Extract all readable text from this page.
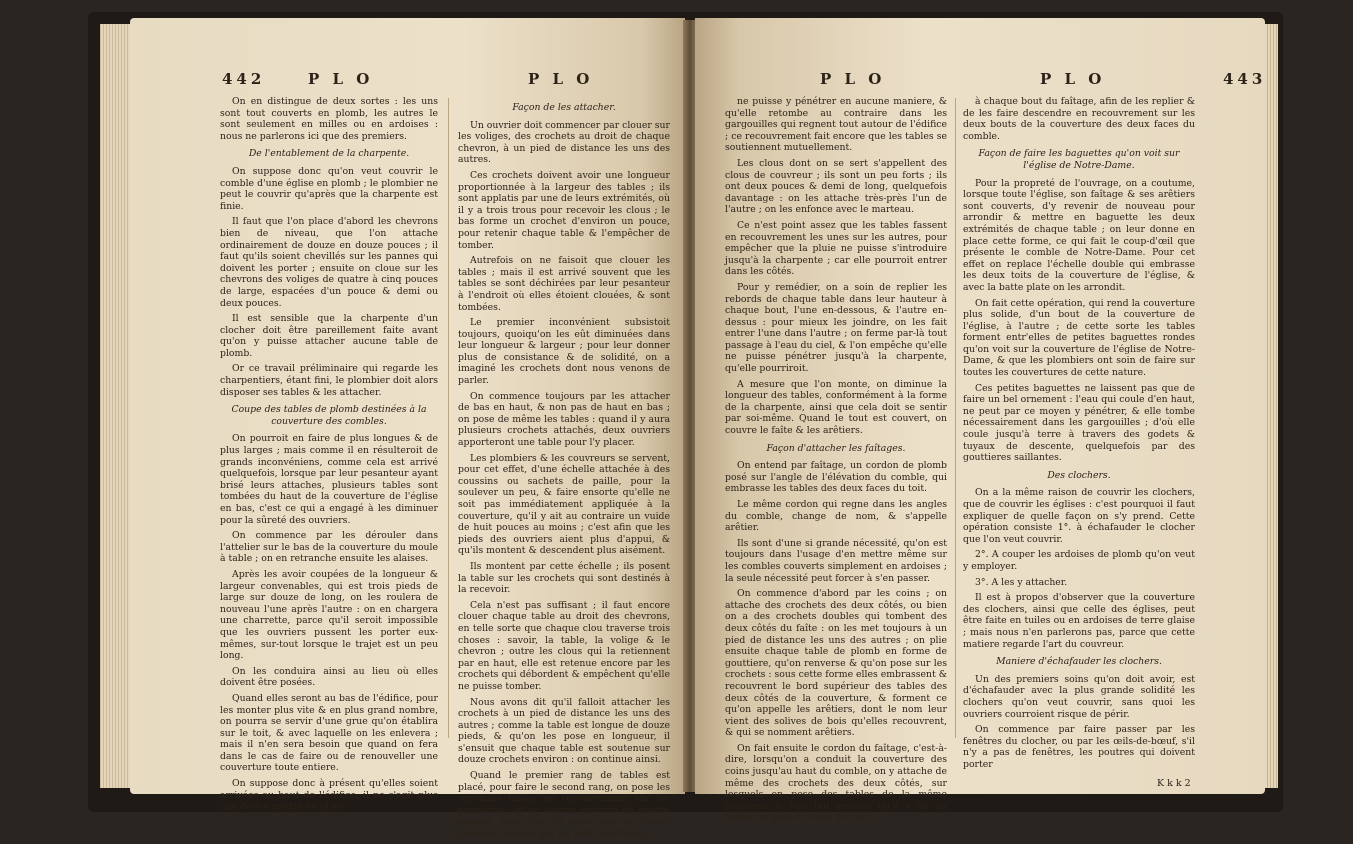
442	P L O	P L O

On en distingue de deux sortes : les uns sont tout couverts en plomb, les autres le sont seulement en milles ou en ardoises : nous ne parlerons ici que des premiers.

De l'entablement de la charpente.

On suppose donc qu'on veut couvrir le comble d'une église en plomb ; le plombier ne peut le couvrir qu'après que la charpente est finie.

Il faut que l'on place d'abord les chevrons bien de niveau, que l'on attache ordinairement de douze en douze pouces ; il faut qu'ils soient chevillés sur les pannes qui doivent les porter ; ensuite on cloue sur les chevrons des voliges de quatre à cinq pouces de large, espacées d'un pouce & demi ou deux pouces.

Il est sensible que la charpente d'un clocher doit être pareillement faite avant qu'on y puisse attacher aucune table de plomb.

Or ce travail préliminaire qui regarde les charpentiers, étant fini, le plombier doit alors disposer ses tables & les attacher.

Coupe des tables de plomb destinées à la couverture des combles.

On pourroit en faire de plus longues & de plus larges ; mais comme il en résulteroit de grands inconvéniens, comme cela est arrivé quelquefois, lorsque par leur pesanteur ayant brisé leurs attaches, plusieurs tables sont tombées du haut de la couverture de l'église en bas, c'est ce qui a engagé à les diminuer pour la sûreté des ouvriers.

On commence par les dérouler dans l'attelier sur le bas de la couverture du moule à table ; on en retranche ensuite les alaises.

Après les avoir coupées de la longueur & largeur convenables, qui est trois pieds de large sur douze de long, on les roulera de nouveau l'une après l'autre : on en chargera une charrette, parce qu'il seroit impossible que les ouvriers pussent les porter eux-mêmes, sur-tout lorsque le trajet est un peu long.

On les conduira ainsi au lieu où elles doivent être posées.

Quand elles seront au bas de l'édifice, pour les monter plus vite & en plus grand nombre, on pourra se servir d'une grue qu'on établira sur le toit, & avec laquelle on les enlevera ; mais il n'en sera besoin que quand on fera dans le cas de faire ou de renouveller une couverture toute entiere.

On suppose donc à présent qu'elles soient arrivées au haut de l'édifice, il ne s'agit plus que de les mettre en place.

Façon de les attacher.

Un ouvrier doit commencer par clouer sur les voliges, des crochets au droit de chaque chevron, à un pied de distance les uns des autres.

Ces crochets doivent avoir une longueur proportionnée à la largeur des tables ; ils sont applatis par une de leurs extrémités, où il y a trois trous pour recevoir les clous ; le bas forme un crochet d'environ un pouce, pour retenir chaque table & l'empêcher de tomber.

Autrefois on ne faisoit que clouer les tables ; mais il est arrivé souvent que les tables se sont déchirées par leur pesanteur à l'endroit où elles étoient clouées, & sont tombées.

Le premier inconvénient subsistoit toujours, quoiqu'on les eût diminuées dans leur longueur & largeur ; pour leur donner plus de consistance & de solidité, on a imaginé les crochets dont nous venons de parler.

On commence toujours par les attacher de bas en haut, & non pas de haut en bas ; on pose de même les tables : quand il y aura plusieurs crochets attachés, deux ouvriers apporteront une table pour l'y placer.

Les plombiers & les couvreurs se servent, pour cet effet, d'une échelle attachée à des coussins ou sachets de paille, pour la soulever un peu, & faire ensorte qu'elle ne soit pas immédiatement appliquée à la couverture, qu'il y ait au contraire un vuide de huit pouces au moins ; c'est afin que les pieds des ouvriers aient plus d'appui, & qu'ils montent & descendent plus aisément.

Ils montent par cette échelle ; ils posent la table sur les crochets qui sont destinés à la recevoir.

Cela n'est pas suffisant ; il faut encore clouer chaque table au droit des chevrons, en telle sorte que chaque clou traverse trois choses : savoir, la table, la volige & le chevron ; outre les clous qui la retiennent par en haut, elle est retenue encore par les crochets qui débordent & empêchent qu'elle ne puisse tomber.

Nous avons dit qu'il falloit attacher les crochets à un pied de distance les uns des autres ; comme la table est longue de douze pieds, & qu'on les pose en longueur, il s'ensuit que chaque table est soutenue sur douze crochets environ : on continue ainsi.

Quand le premier rang de tables est placé, pour faire le second rang, on pose les secondes tables en recouvrement sur les premieres, qu'on couvre environ de quatre pouces, pour que la pluie qui se trouve poussée souvent par un vent impétueux,

P L O	P L O	443

ne puisse y pénétrer en aucune maniere, & qu'elle retombe au contraire dans les gargouilles qui regnent tout autour de l'édifice ; ce recouvrement fait encore que les tables se soutiennent mutuellement.

Les clous dont on se sert s'appellent des clous de couvreur ; ils sont un peu forts ; ils ont deux pouces & demi de long, quelquefois davantage : on les attache très-près l'un de l'autre ; on les enfonce avec le marteau.

Ce n'est point assez que les tables fassent en recouvrement les unes sur les autres, pour empêcher que la pluie ne puisse s'introduire jusqu'à la charpente ; car elle pourroit entrer dans les côtés.

Pour y remédier, on a soin de replier les rebords de chaque table dans leur hauteur à chaque bout, l'une en-dessous, & l'autre en-dessus : pour mieux les joindre, on les fait entrer l'une dans l'autre ; on ferme par-là tout passage à l'eau du ciel, & l'on empêche qu'elle ne puisse pénétrer jusqu'à la charpente, qu'elle pourriroit.

A mesure que l'on monte, on diminue la longueur des tables, conformément à la forme de la charpente, ainsi que cela doit se sentir par soi-même. Quand le tout est couvert, on couvre le faîte & les arêtiers.

Façon d'attacher les faîtages.

On entend par faîtage, un cordon de plomb posé sur l'angle de l'élévation du comble, qui embrasse les tables des deux faces du toit.

Le même cordon qui regne dans les angles du comble, change de nom, & s'appelle arêtier.

Ils sont d'une si grande nécessité, qu'on est toujours dans l'usage d'en mettre même sur les combles couverts simplement en ardoises ; la seule nécessité peut forcer à s'en passer.

On commence d'abord par les coins ; on attache des crochets des deux côtés, ou bien on a des crochets doubles qui tombent des deux côtés du faîte : on les met toujours à un pied de distance les uns des autres ; on plie ensuite chaque table de plomb en forme de gouttiere, qu'on renverse & qu'on pose sur les crochets : sous cette forme elles embrassent & recouvrent le bord supérieur des tables des deux côtés de la couverture, & forment ce qu'on appelle les arêtiers, dont le nom leur vient des solives de bois qu'elles recouvrent, & qui se nomment arêtiers.

On fait ensuite le cordon du faîtage, c'est-à-dire, lorsqu'on a conduit la couverture des coins jusqu'au haut du comble, on y attache de même des crochets des deux côtés, sur lesquels on pose des tables de la même longueur, & l'on fait ensorte qu'il y ait au moins un pied de table de reste

à chaque bout du faîtage, afin de les replier & de les faire descendre en recouvrement sur les deux bouts de la couverture des deux faces du comble.

Façon de faire les baguettes qu'on voit sur l'église de Notre-Dame.

Pour la propreté de l'ouvrage, on a coutume, lorsque toute l'église, son faîtage & ses arêtiers sont couverts, d'y revenir de nouveau pour arrondir & mettre en baguette les deux extrémités de chaque table ; on leur donne en place cette forme, ce qui fait le coup-d'œil que présente le comble de Notre-Dame. Pour cet effet on replace l'échelle double qui embrasse les deux toits de la couverture de l'église, & avec la batte plate on les arrondit.

On fait cette opération, qui rend la couverture plus solide, d'un bout de la couverture de l'église, à l'autre ; de cette sorte les tables forment entr'elles de petites baguettes rondes qu'on voit sur la couverture de l'église de Notre-Dame, & que les plombiers ont soin de faire sur toutes les couvertures de cette nature.

Ces petites baguettes ne laissent pas que de faire un bel ornement : l'eau qui coule d'en haut, ne peut par ce moyen y pénétrer, & elle tombe nécessairement dans les gargouilles ; d'où elle coule jusqu'à terre à travers des godets & tuyaux de descente, quelquefois par des gouttieres saillantes.

Des clochers.

On a la même raison de couvrir les clochers, que de couvrir les églises : c'est pourquoi il faut expliquer de quelle façon on s'y prend. Cette opération consiste 1°. à échafauder le clocher que l'on veut couvrir.

2°. A couper les ardoises de plomb qu'on veut y employer.

3°. A les y attacher.

Il est à propos d'observer que la couverture des clochers, ainsi que celle des églises, peut être faite en tuiles ou en ardoises de terre glaise ; mais nous n'en parlerons pas, parce que cette matiere regarde l'art du couvreur.

Maniere d'échafauder les clochers.

Un des premiers soins qu'on doit avoir, est d'échafauder avec la plus grande solidité les clochers qu'on veut couvrir, sans quoi les ouvriers courroient risque de périr.

On commence par faire passer par les fenêtres du clocher, ou par les œils-de-bœuf, s'il n'y a pas de fenêtres, les poutres qui doivent porter

K k k 2
